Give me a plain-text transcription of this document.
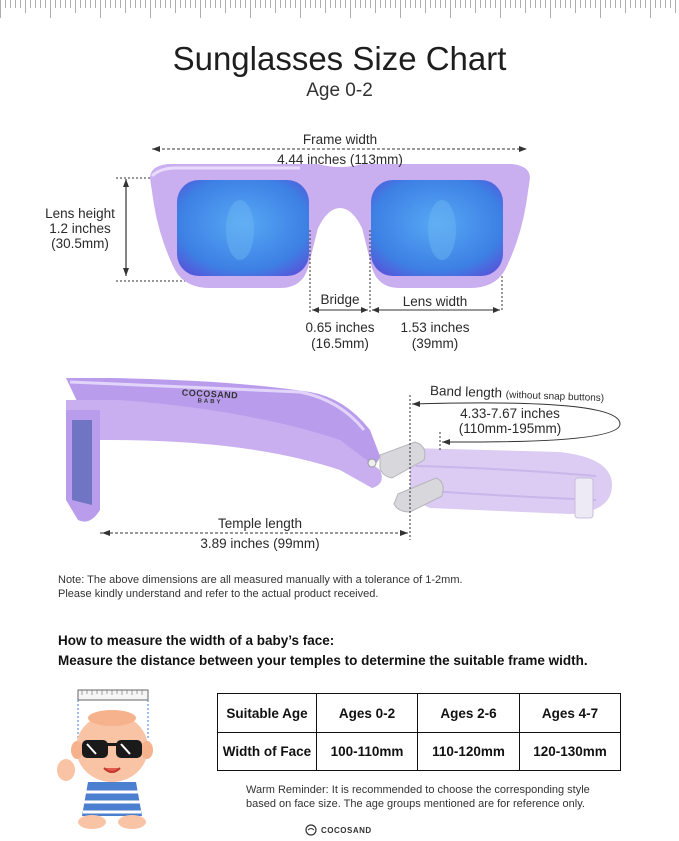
Sunglasses Size Chart
Age 0-2
Frame width
4.44 inches (113mm)
Lens height
1.2 inches
(30.5mm)
Bridge
0.65 inches
(16.5mm)
Lens width
1.53 inches
(39mm)
COCOSAND
BABY
Band length (without snap buttons)
4.33-7.67 inches
(110mm-195mm)
Temple length
3.89 inches (99mm)
Note: The above dimensions are all measured manually with a tolerance of 1-2mm.
Please kindly understand and refer to the actual product received.
How to measure the width of a baby’s face:
Measure the distance between your temples to determine the suitable frame width.
Suitable Age	Ages 0-2	Ages 2-6	Ages 4-7
Width of Face	100-110mm	110-120mm	120-130mm
Warm Reminder: It is recommended to choose the corresponding style
based on face size. The age groups mentioned are for reference only.
COCOSAND
